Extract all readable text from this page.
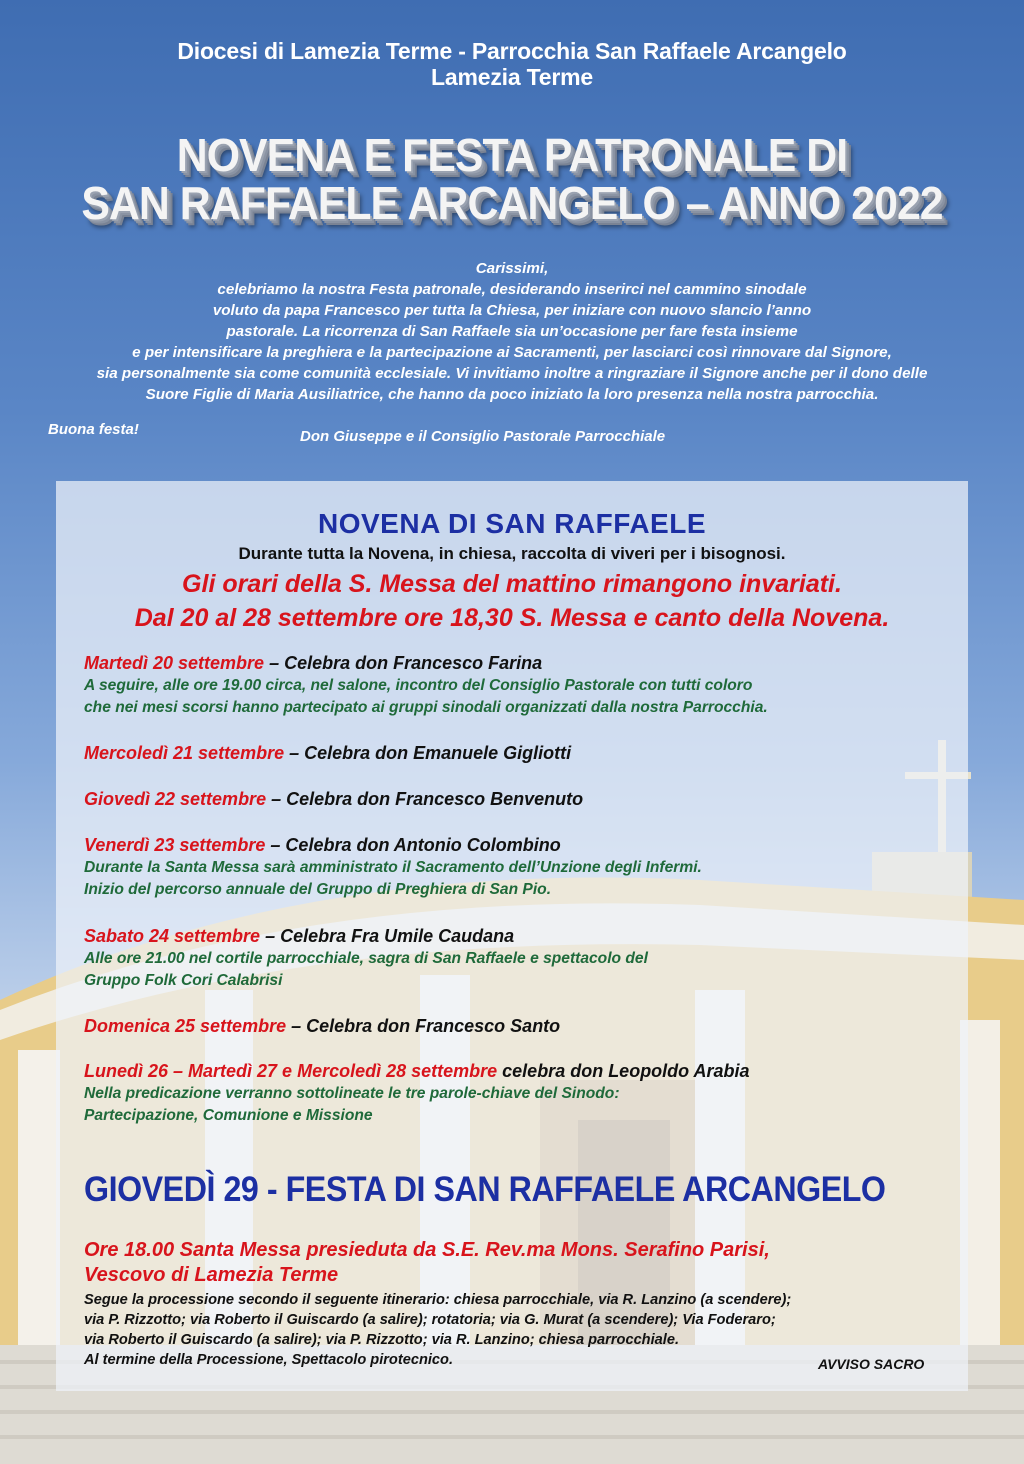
Diocesi di Lamezia Terme - Parrocchia San Raffaele Arcangelo
Lamezia Terme
NOVENA E FESTA PATRONALE DI
SAN RAFFAELE ARCANGELO – ANNO 2022

Carissimi,

celebriamo la nostra Festa patronale, desiderando inserirci nel cammino sinodale

voluto da papa Francesco per tutta la Chiesa, per iniziare con nuovo slancio l’anno

pastorale. La ricorrenza di San Raffaele sia un’occasione per fare festa insieme

e per intensificare la preghiera e la partecipazione ai Sacramenti, per lasciarci così rinnovare dal Signore,

sia personalmente sia come comunità ecclesiale. Vi invitiamo inoltre a ringraziare il Signore anche per il dono delle

Suore Figlie di Maria Ausiliatrice, che hanno da poco iniziato la loro presenza nella nostra parrocchia.

Buona festa!	Don Giuseppe e il Consiglio Pastorale Parrocchiale
NOVENA DI SAN RAFFAELE
Durante tutta la Novena, in chiesa, raccolta di viveri per i bisognosi.
Gli orari della S. Messa del mattino rimangono invariati.
Dal 20 al 28 settembre ore 18,30 S. Messa e canto della Novena.
Martedì 20 settembre – Celebra don Francesco Farina
A seguire, alle ore 19.00 circa, nel salone, incontro del Consiglio Pastorale con tutti coloro
che nei mesi scorsi hanno partecipato ai gruppi sinodali organizzati dalla nostra Parrocchia.
Mercoledì 21 settembre – Celebra don Emanuele Gigliotti
Giovedì 22 settembre – Celebra don Francesco Benvenuto
Venerdì 23 settembre – Celebra don Antonio Colombino
Durante la Santa Messa sarà amministrato il Sacramento dell’Unzione degli Infermi.
Inizio del percorso annuale del Gruppo di Preghiera di San Pio.
Sabato 24 settembre – Celebra Fra Umile Caudana
Alle ore 21.00 nel cortile parrocchiale, sagra di San Raffaele e spettacolo del
Gruppo Folk Cori Calabrisi
Domenica 25 settembre – Celebra don Francesco Santo
Lunedì 26 – Martedì 27 e Mercoledì 28 settembre celebra don Leopoldo Arabia
Nella predicazione verranno sottolineate le tre parole-chiave del Sinodo:
Partecipazione, Comunione e Missione
GIOVEDÌ 29 - FESTA DI SAN RAFFAELE ARCANGELO
Ore 18.00 Santa Messa presieduta da S.E. Rev.ma Mons. Serafino Parisi,
Vescovo di Lamezia Terme

Segue la processione secondo il seguente itinerario: chiesa parrocchiale, via R. Lanzino (a scendere);

via P. Rizzotto; via Roberto il Guiscardo (a salire); rotatoria; via G. Murat (a scendere); Via Foderaro;

via Roberto il Guiscardo (a salire); via P. Rizzotto; via R. Lanzino; chiesa parrocchiale.

Al termine della Processione, Spettacolo pirotecnico.	AVVISO SACRO
